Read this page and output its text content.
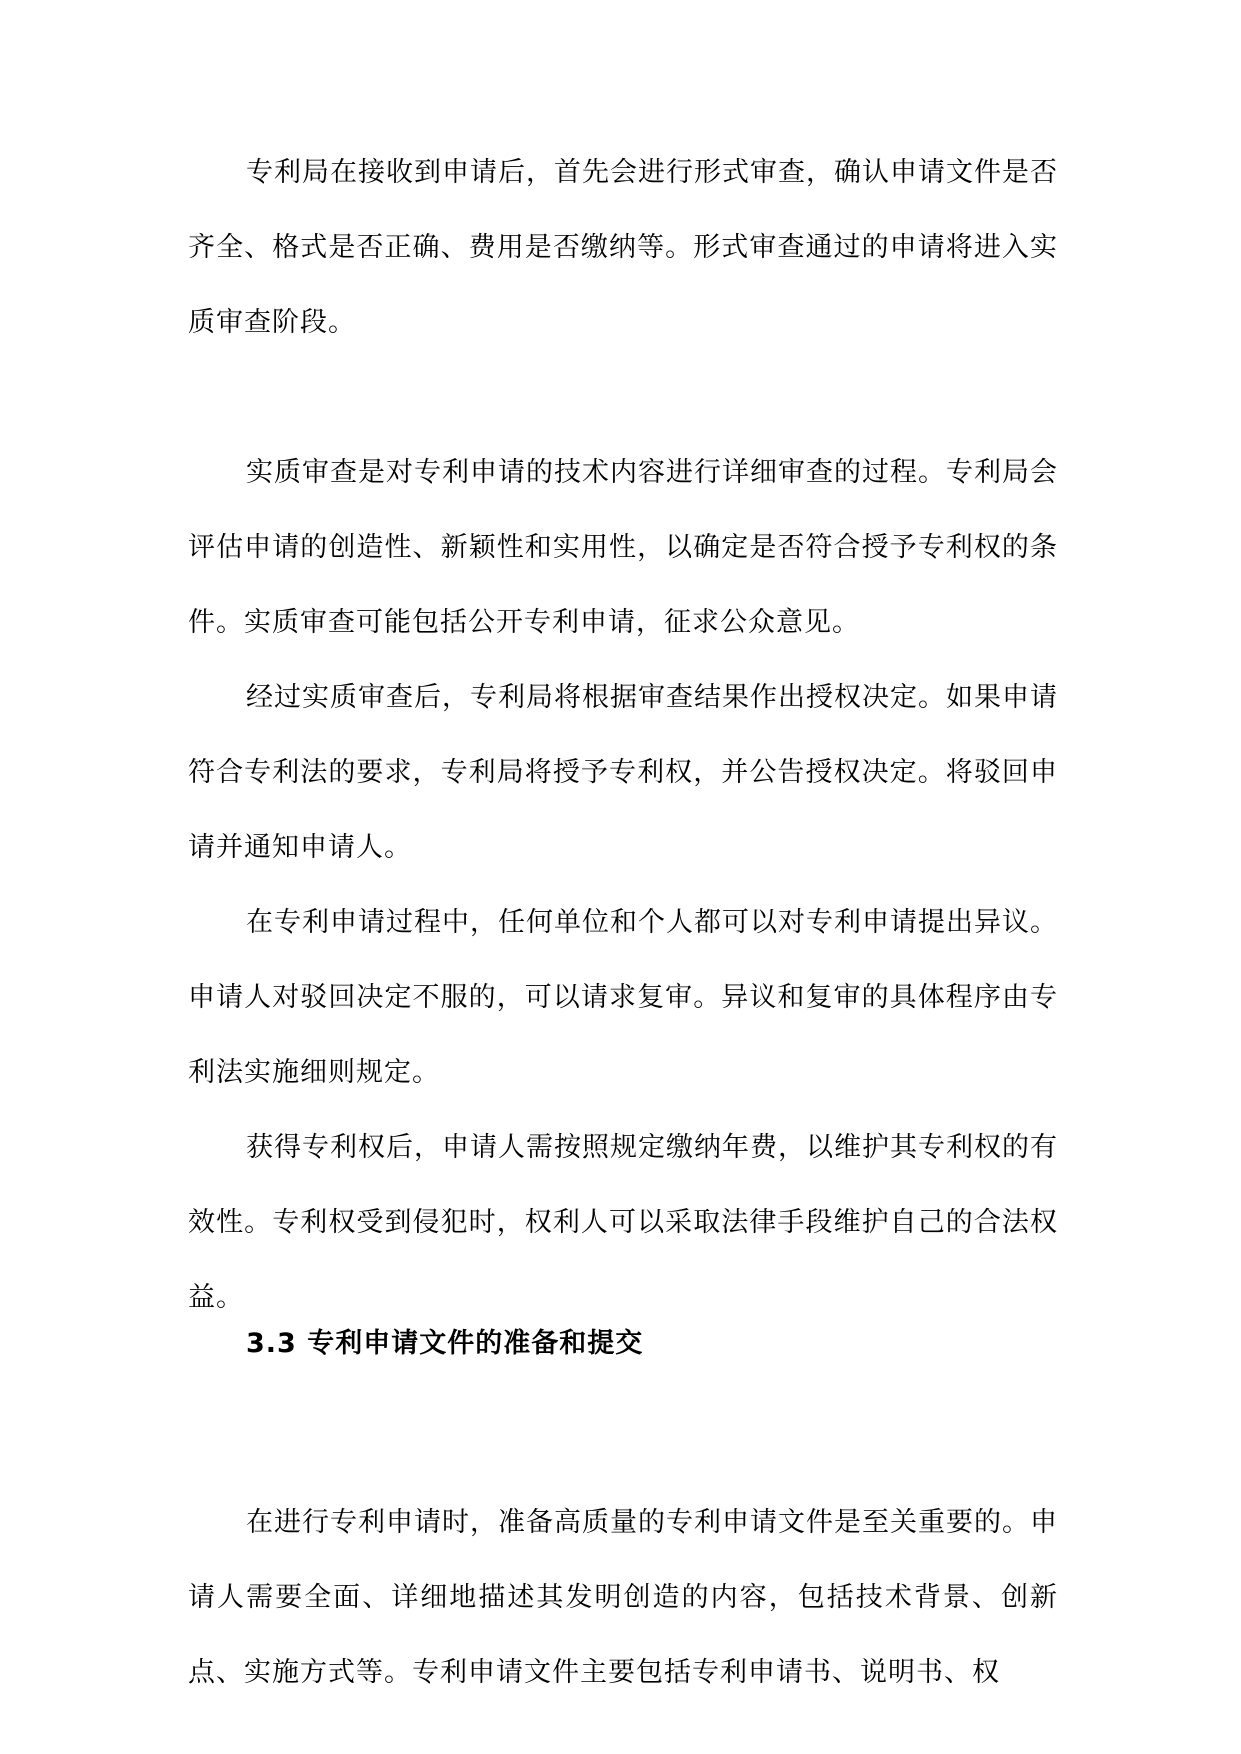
专利局在接收到申请后，首先会进行形式审查，确认申请文件是否齐全、格式是否正确、费用是否缴纳等。形式审查通过的申请将进入实质审查阶段。

实质审查是对专利申请的技术内容进行详细审查的过程。专利局会评估申请的创造性、新颖性和实用性，以确定是否符合授予专利权的条件。实质审查可能包括公开专利申请，征求公众意见。

经过实质审查后，专利局将根据审查结果作出授权决定。如果申请符合专利法的要求，专利局将授予专利权，并公告授权决定。将驳回申请并通知申请人。

在专利申请过程中，任何单位和个人都可以对专利申请提出异议。申请人对驳回决定不服的，可以请求复审。异议和复审的具体程序由专利法实施细则规定。

获得专利权后，申请人需按照规定缴纳年费，以维护其专利权的有效性。专利权受到侵犯时，权利人可以采取法律手段维护自己的合法权益。

3.3 专利申请文件的准备和提交

在进行专利申请时，准备高质量的专利申请文件是至关重要的。申请人需要全面、详细地描述其发明创造的内容，包括技术背景、创新点、实施方式等。专利申请文件主要包括专利申请书、说明书、权
